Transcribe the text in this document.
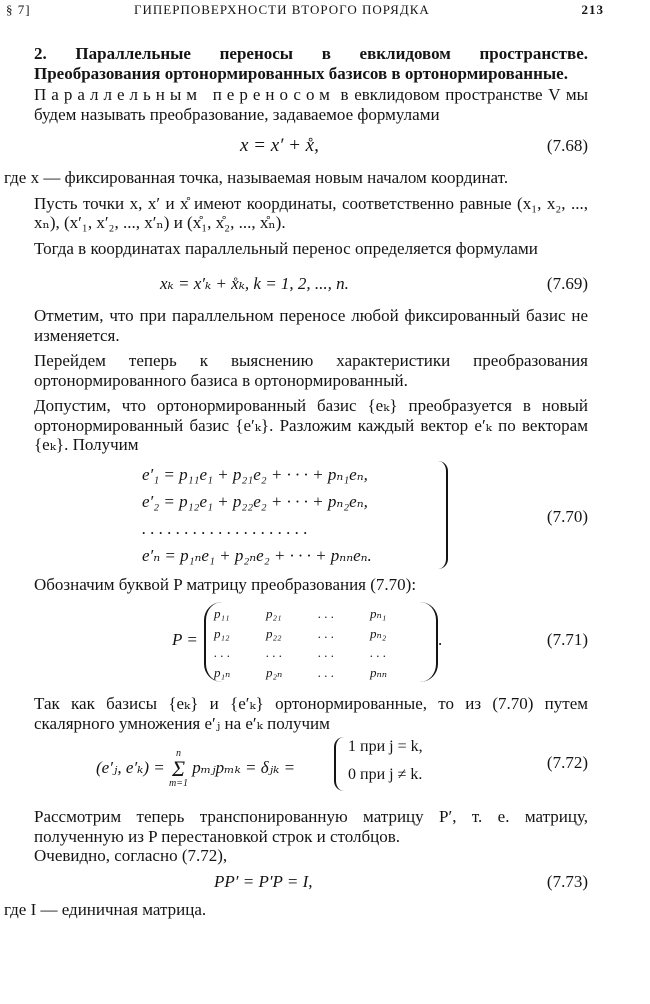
§ 7]	ГИПЕРПОВЕРХНОСТИ ВТОРОГО ПОРЯДКА	213

2. Параллельные переносы в евклидовом пространстве. Преобразования ортонормированных базисов в ортонормированные.

Параллельным переносом в евклидовом пространстве V мы будем называть преобразование, задаваемое формулами

x = x′ + x̊,	(7.68)

где x — фиксированная точка, называемая новым началом координат.

Пусть точки x, x′ и x̊ имеют координаты, соответственно равные (x₁, x₂, ..., xₙ), (x′₁, x′₂, ..., x′ₙ) и (x̊₁, x̊₂, ..., x̊ₙ).

Тогда в координатах параллельный перенос определяется формулами

xₖ = x′ₖ + x̊ₖ, k = 1, 2, ..., n.	(7.69)

Отметим, что при параллельном переносе любой фиксированный базис не изменяется.

Перейдем теперь к выяснению характеристики преобразования ортонормированного базиса в ортонормированный.

Допустим, что ортонормированный базис {eₖ} преобразуется в новый ортонормированный базис {e′ₖ}. Разложим каждый вектор e′ₖ по векторам {eₖ}. Получим

e′₁ = p₁₁e₁ + p₂₁e₂ + · · · + pₙ₁eₙ,
e′₂ = p₁₂e₁ + p₂₂e₂ + · · · + pₙ₂eₙ,
. . . . . . . . . . . . . . . . . . . .
e′ₙ = p₁ₙe₁ + p₂ₙe₂ + · · · + pₙₙeₙ.
(7.70)

Обозначим буквой P матрицу преобразования (7.70):

P =
p₁₁	p₂₁	. . .	pₙ₁
p₁₂	p₂₂	. . .	pₙ₂
. . .	. . .	. . .	. . .
p₁ₙ	p₂ₙ	. . .	pₙₙ
.	(7.71)

Так как базисы {eₖ} и {e′ₖ} ортонормированные, то из (7.70) путем скалярного умножения e′ⱼ на e′ₖ получим

(e′ⱼ, e′ₖ) = n
Σ
m=1 pₘⱼpₘₖ = δⱼₖ =
1 при j = k,
0 при j ≠ k.
(7.72)

Рассмотрим теперь транспонированную матрицу P′, т. е. матрицу, полученную из P перестановкой строк и столбцов.

Очевидно, согласно (7.72),

PP′ = P′P = I,	(7.73)

где I — единичная матрица.
